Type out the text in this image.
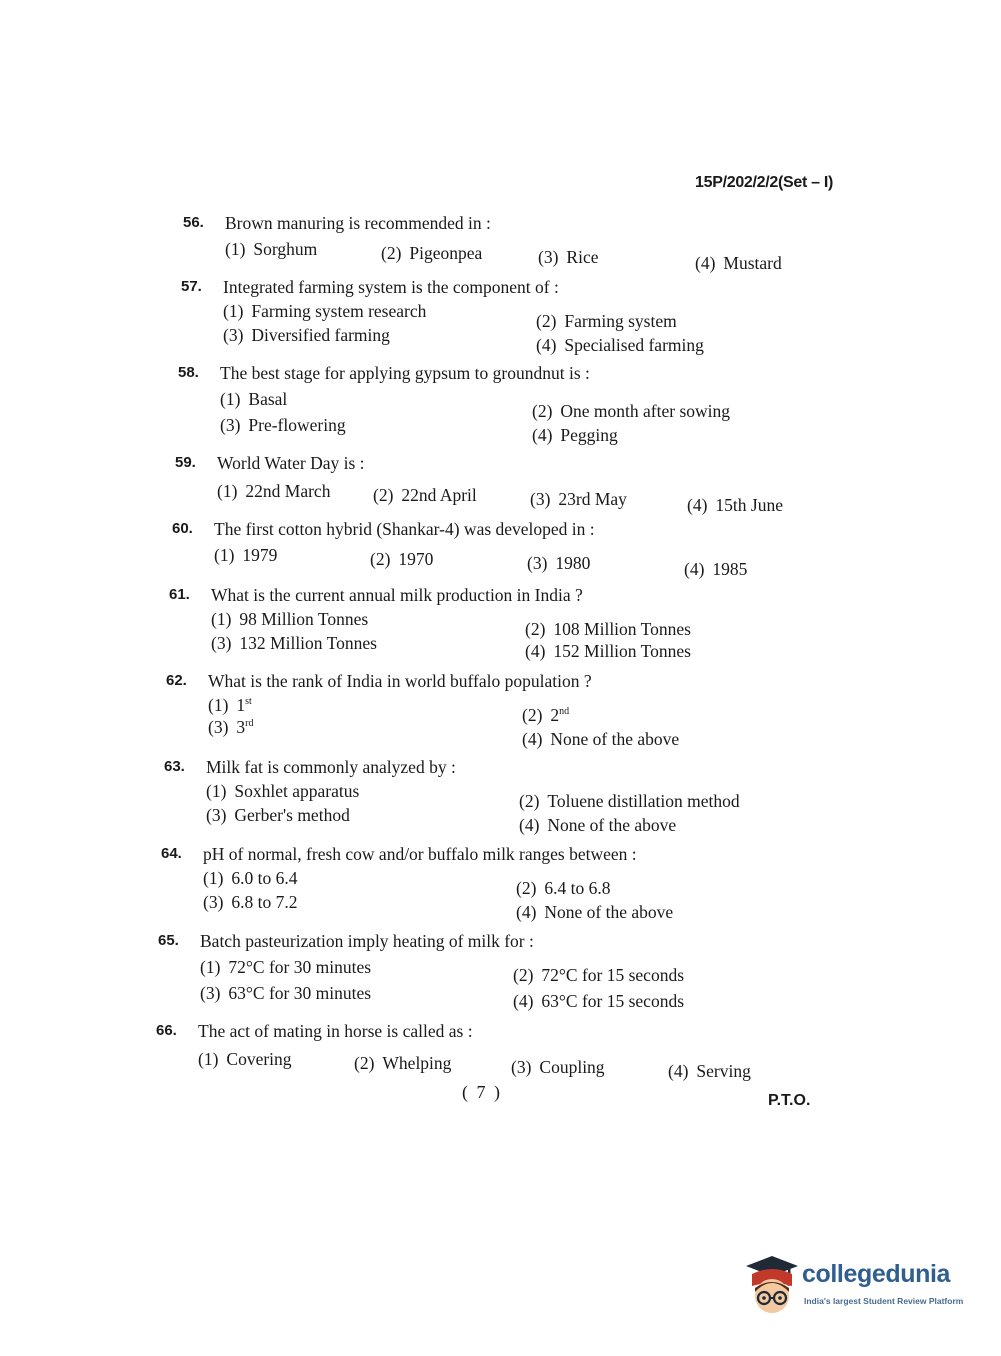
15P/202/2/2(Set – I)
56. Brown manuring is recommended in :
(1) Sorghum	(2) Pigeonpea	(3) Rice	(4) Mustard
57. Integrated farming system is the component of :
(1) Farming system research	(2) Farming system
(3) Diversified farming	(4) Specialised farming
58. The best stage for applying gypsum to groundnut is :
(1) Basal
(2) One month after sowing
(3) Pre-flowering	(4) Pegging
59. World Water Day is :
(1) 22nd March (2) 22nd April	(3) 23rd May	(4) 15th June
60. The first cotton hybrid (Shankar-4) was developed in :
(1) 1979	(2) 1970	(3) 1980	(4) 1985
61. What is the current annual milk production in India ?
(1) 98 Million Tonnes	(2) 108 Million Tonnes
(3) 132 Million Tonnes	(4) 152 Million Tonnes
62. What is the rank of India in world buffalo population ?
(1) 1st
(2) 2nd
(3) 3rd
(4) None of the above
63. Milk fat is commonly analyzed by :
(1) Soxhlet apparatus	(2) Toluene distillation method
(3) Gerber's method	(4) None of the above
64. pH of normal, fresh cow and/or buffalo milk ranges between :
(1) 6.0 to 6.4	(2) 6.4 to 6.8
(3) 6.8 to 7.2	(4) None of the above
65. Batch pasteurization imply heating of milk for :
(1) 72°C for 30 minutes	(2) 72°C for 15 seconds
(3) 63°C for 30 minutes	(4) 63°C for 15 seconds
66. The act of mating in horse is called as :
(1) Covering	(2) Whelping	(3) Coupling	(4) Serving
( 7 )	P.T.O.
collegedunia
India's largest Student Review Platform
